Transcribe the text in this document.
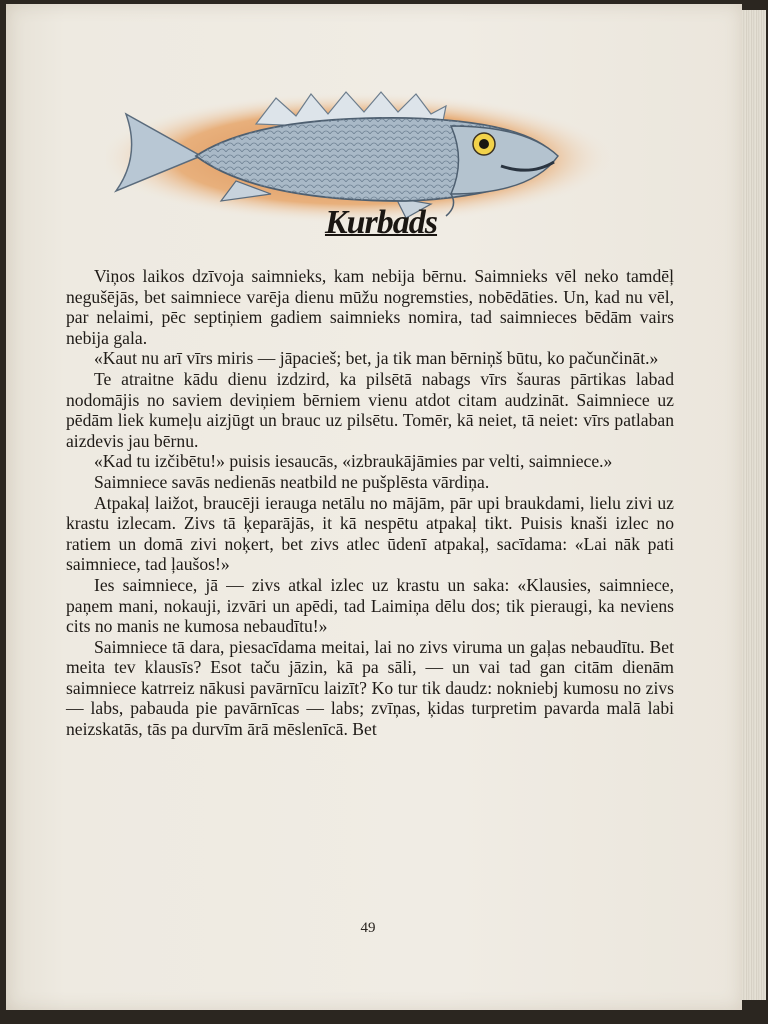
Kurbads

Viņos laikos dzīvoja saimnieks, kam nebija bērnu. Saimnieks vēl neko tamdēļ negušējās, bet saimniece varēja dienu mūžu nogremsties, nobēdāties. Un, kad nu vēl, par nelaimi, pēc septiņiem gadiem saimnieks nomira, tad saimnieces bēdām vairs nebija gala.

«Kaut nu arī vīrs miris — jāpacieš; bet, ja tik man bērniņš būtu, ko pačunčināt.»

Te atraitne kādu dienu izdzird, ka pilsētā nabags vīrs šauras pārtikas labad nodomājis no saviem deviņiem bērniem vienu atdot citam audzināt. Saimniece uz pēdām liek kumeļu aizjūgt un brauc uz pilsētu. Tomēr, kā neiet, tā neiet: vīrs patlaban aizdevis jau bērnu.

«Kad tu izčibētu!» puisis iesaucās, «izbraukājāmies par velti, saimniece.»

Saimniece savās nedienās neatbild ne pušplēsta vārdiņa.

Atpakaļ laižot, braucēji ierauga netālu no mājām, pār upi braukdami, lielu zivi uz krastu izlecam. Zivs tā ķeparājās, it kā nespētu atpakaļ tikt. Puisis knaši izlec no ratiem un domā zivi noķert, bet zivs atlec ūdenī atpakaļ, sacīdama: «Lai nāk pati saimniece, tad ļaušos!»

Ies saimniece, jā — zivs atkal izlec uz krastu un saka: «Klausies, saimniece, paņem mani, nokauji, izvāri un apēdi, tad Laimiņa dēlu dos; tik pieraugi, ka neviens cits no manis ne kumosa nebaudītu!»

Saimniece tā dara, piesacīdama meitai, lai no zivs viruma un gaļas nebaudītu. Bet meita tev klausīs? Esot taču jāzin, kā pa sāli, — un vai tad gan citām dienām saimniece katrreiz nākusi pavārnīcu laizīt? Ko tur tik daudz: nokniebj kumosu no zivs — labs, pabauda pie pavārnīcas — labs; zvīņas, ķidas turpretim pavarda malā labi neizskatās, tās pa durvīm ārā mēslenīcā. Bet

49
